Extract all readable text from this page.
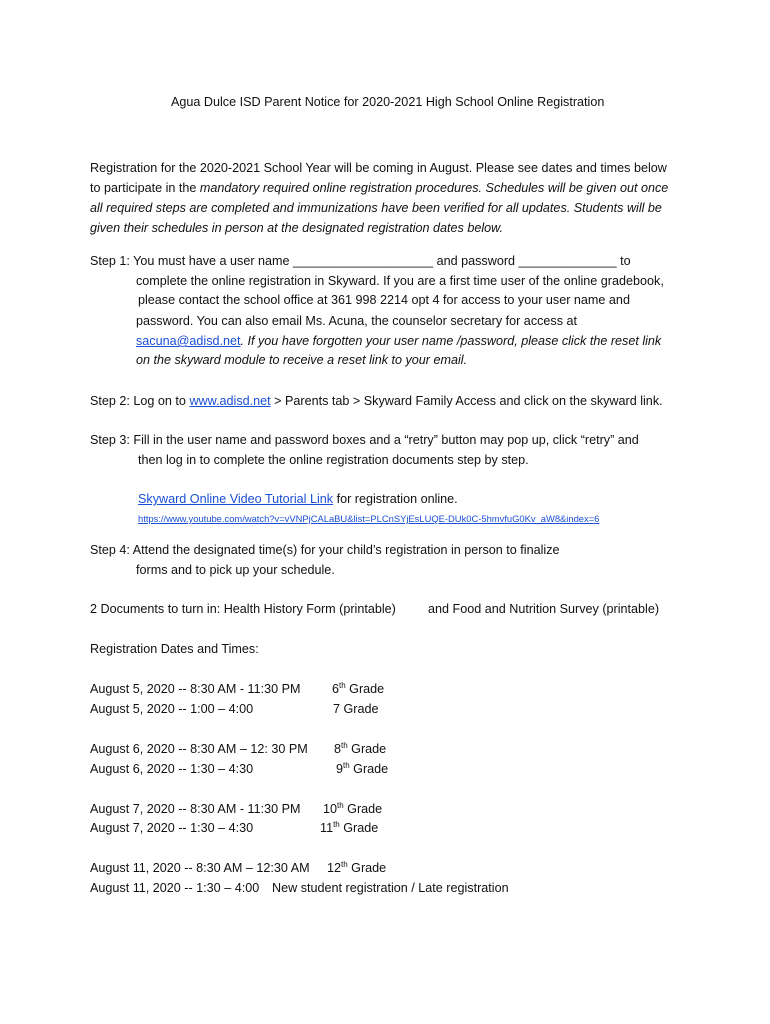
Agua Dulce ISD Parent Notice for 2020-2021 High School Online Registration
Registration for the 2020-2021 School Year will be coming in August. Please see dates and times below
to participate in the mandatory required online registration procedures. Schedules will be given out once
all required steps are completed and immunizations have been verified for all updates. Students will be
given their schedules in person at the designated registration dates below.
Step 1: You must have a user name ____________________ and password ______________ to
complete the online registration in Skyward. If you are a first time user of the online gradebook,
please contact the school office at 361 998 2214 opt 4 for access to your user name and
password. You can also email Ms. Acuna, the counselor secretary for access at
sacuna@adisd.net. If you have forgotten your user name /password, please click the reset link
on the skyward module to receive a reset link to your email.
Step 2: Log on to www.adisd.net > Parents tab > Skyward Family Access and click on the skyward link.
Step 3: Fill in the user name and password boxes and a “retry” button may pop up, click “retry” and
then log in to complete the online registration documents step by step.
Skyward Online Video Tutorial Link for registration online.
https://www.youtube.com/watch?v=vVNPjCALaBU&list=PLCnSYjEsLUQE-DUk0C-5hmvfuG0Kv_aW8&index=6
Step 4: Attend the designated time(s) for your child’s registration in person to finalize
forms and to pick up your schedule.
2 Documents to turn in: Health History Form (printable)	and Food and Nutrition Survey (printable)
Registration Dates and Times:
August 5, 2020 -- 8:30 AM - 11:30 PM	6th Grade
August 5, 2020 -- 1:00 – 4:00	7 Grade
August 6, 2020 -- 8:30 AM – 12: 30 PM 8th Grade
August 6, 2020 -- 1:30 – 4:30	9th Grade
August 7, 2020 -- 8:30 AM - 11:30 PM 10th Grade
August 7, 2020 -- 1:30 – 4:30	11th Grade
August 11, 2020 -- 8:30 AM – 12:30 AM 12th Grade
August 11, 2020 -- 1:30 – 4:00 New student registration / Late registration
